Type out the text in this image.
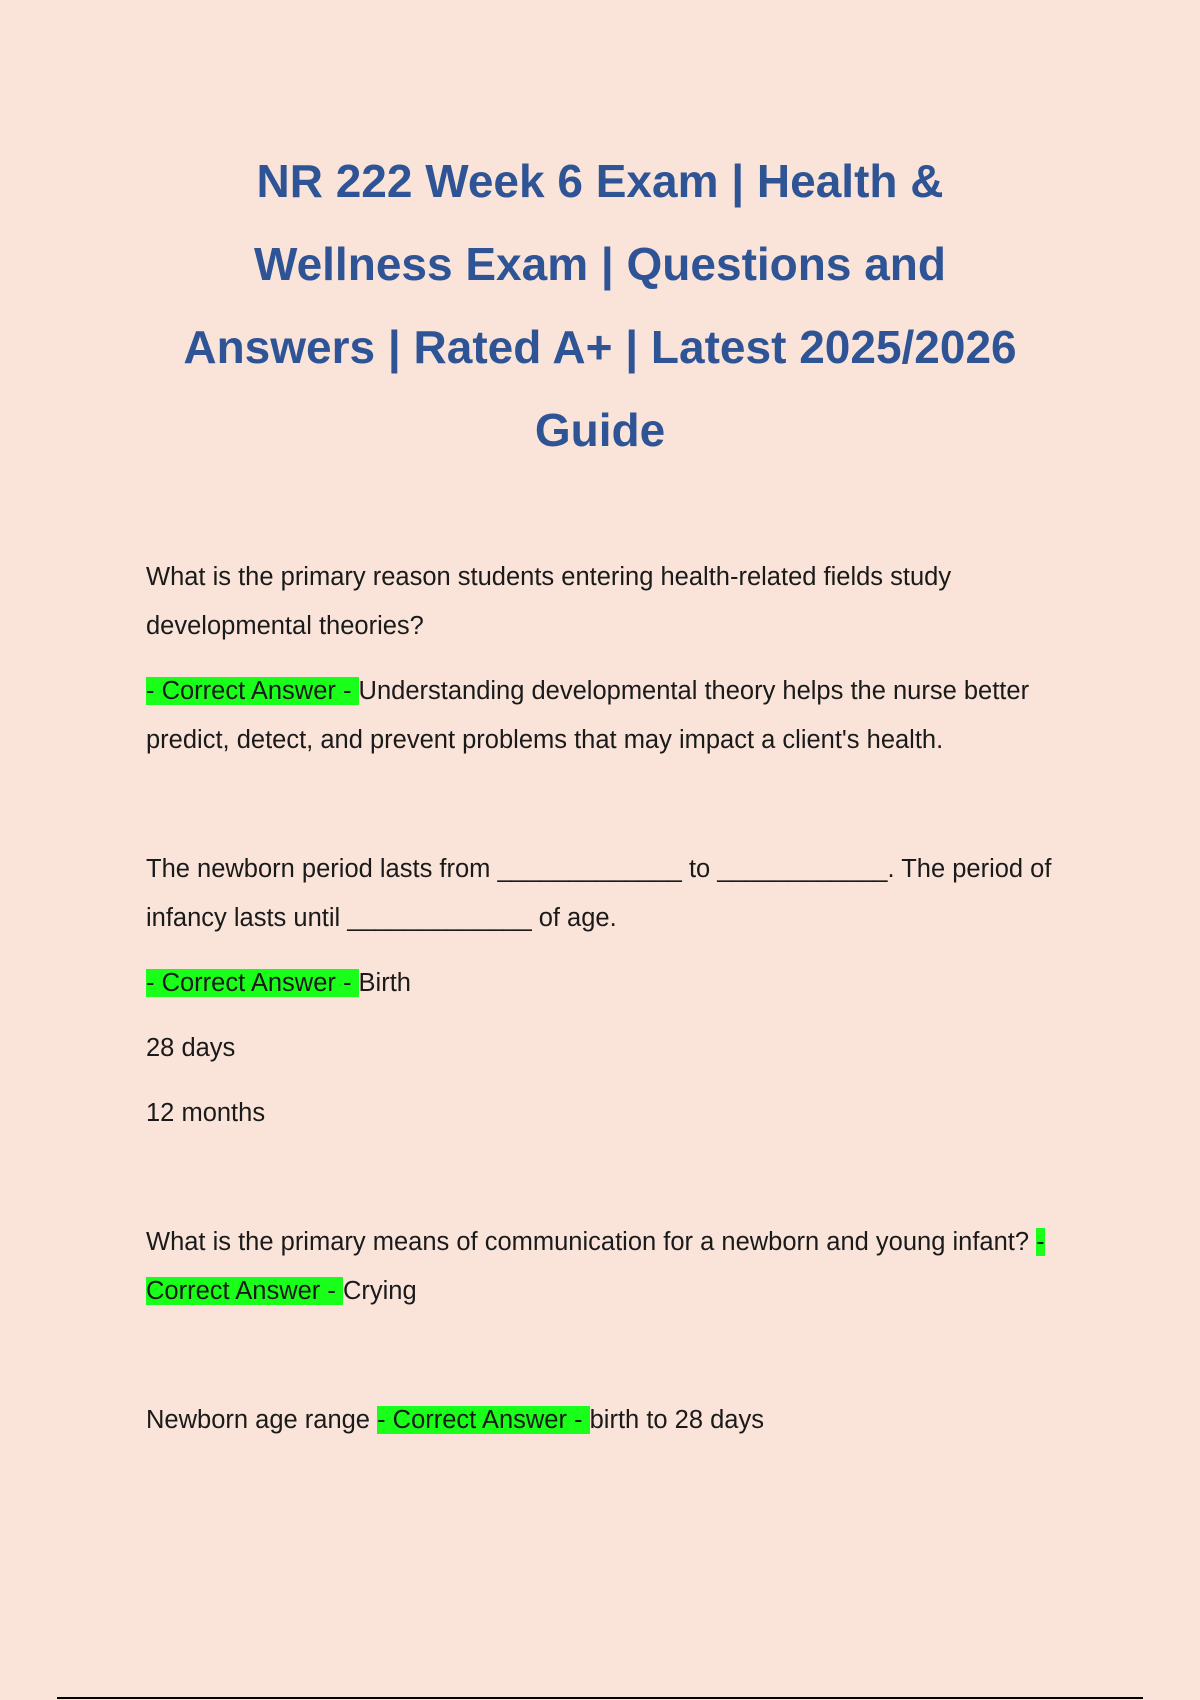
NR 222 Week 6 Exam | Health &
Wellness Exam | Questions and
Answers | Rated A+ | Latest 2025/2026
Guide

What is the primary reason students entering health-related fields study developmental theories?

- Correct Answer - Understanding developmental theory helps the nurse better predict, detect, and prevent problems that may impact a client's health.

The newborn period lasts from _____________ to ____________. The period of infancy lasts until _____________ of age.

- Correct Answer - Birth

28 days

12 months

What is the primary means of communication for a newborn and young infant? - Correct Answer - Crying

Newborn age range - Correct Answer - birth to 28 days
